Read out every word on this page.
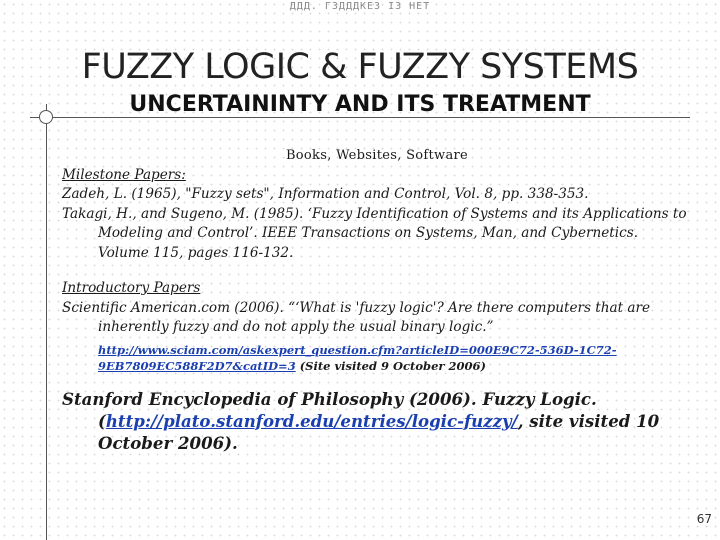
ДДД. ГЗДДДКЕЗ ІЗ НЕТ
FUZZY LOGIC & FUZZY SYSTEMS
UNCERTAININTY AND ITS TREATMENT

Books, Websites, Software

Milestone Papers:

Zadeh, L. (1965), "Fuzzy sets", Information and Control, Vol. 8, pp. 338-353.

Takagi, H., and Sugeno, M. (1985). ‘Fuzzy Identification of Systems and its Applications to Modeling and Control’. IEEE Transactions on Systems, Man, and Cybernetics. Volume 115, pages 116-132.

Introductory Papers

Scientific American.com (2006). “‘What is 'fuzzy logic'? Are there computers that are inherently fuzzy and do not apply the usual binary logic.”

http://www.sciam.com/askexpert_question.cfm?articleID=000E9C72-536D-1C72-9EB7809EC588F2D7&catID=3 (Site visited 9 October 2006)

Stanford Encyclopedia of Philosophy (2006). Fuzzy Logic. (http://plato.stanford.edu/entries/logic-fuzzy/, site visited 10 October 2006).

67
